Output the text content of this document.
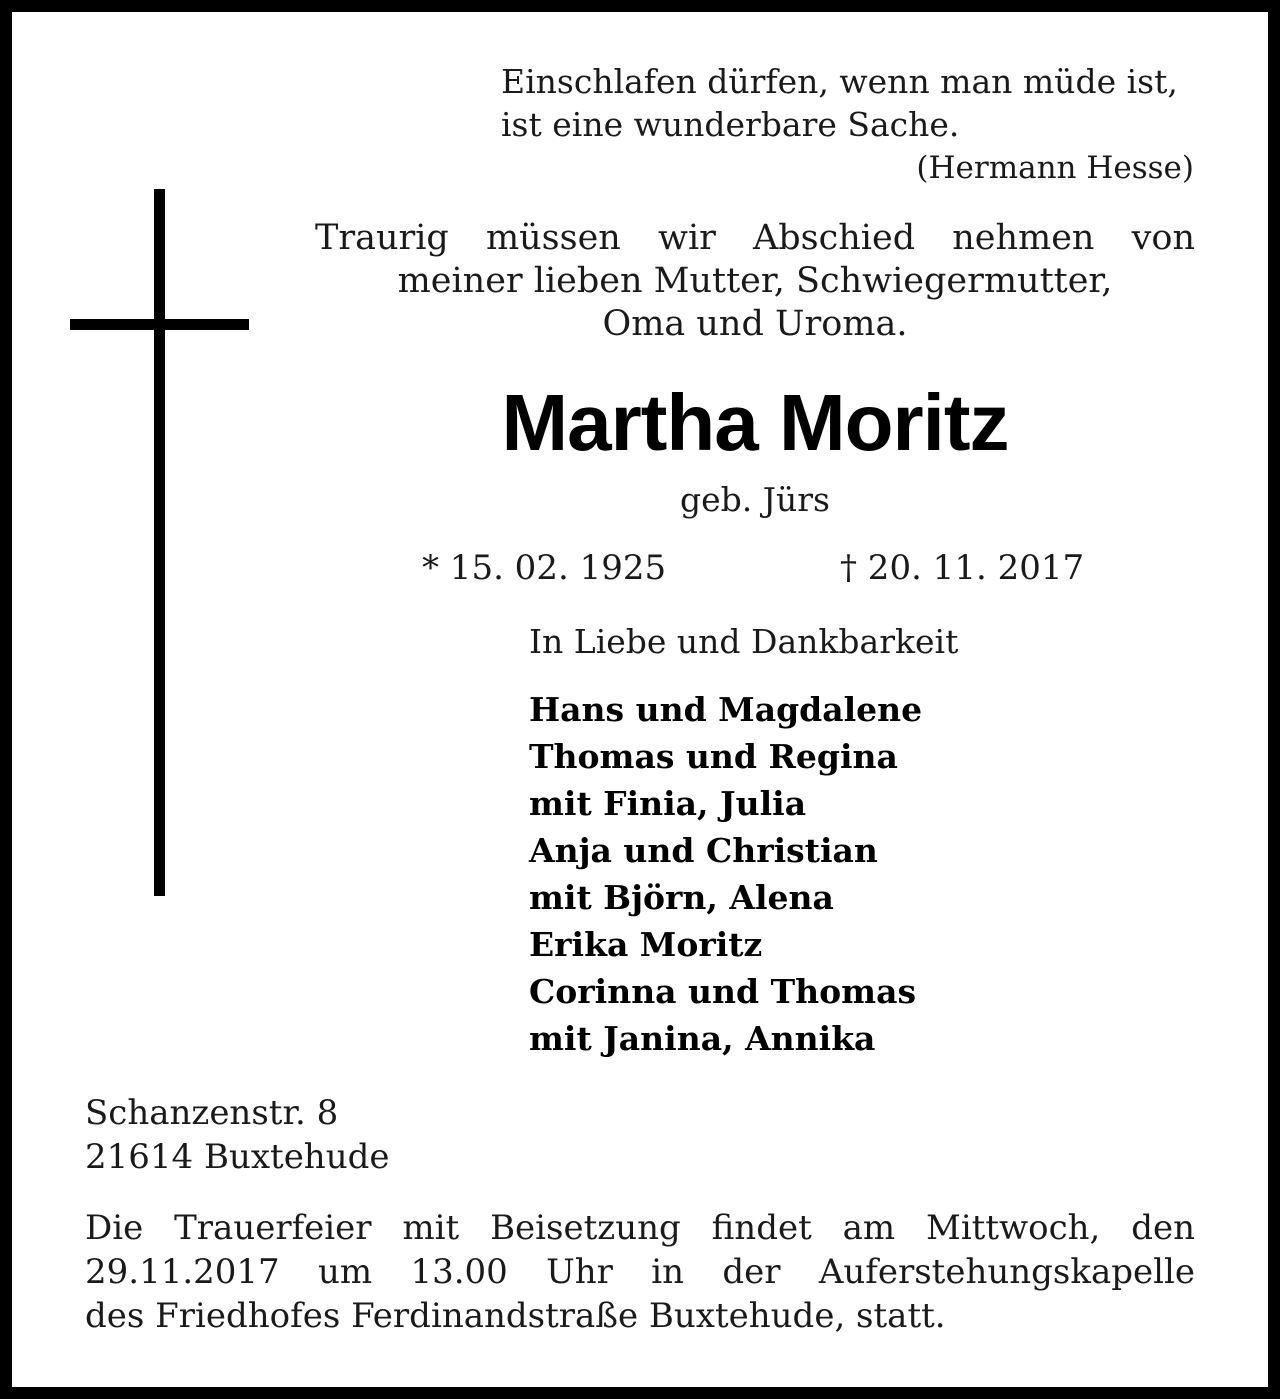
Einschlafen dürfen, wenn man müde ist,
ist eine wunderbare Sache.
(Hermann Hesse)
Traurig müssen wir Abschied nehmen von
meiner lieben Mutter, Schwiegermutter,
Oma und Uroma.
Martha Moritz
geb. Jürs
* 15. 02. 1925	† 20. 11. 2017
In Liebe und Dankbarkeit
Hans und Magdalene
Thomas und Regina
mit Finia, Julia
Anja und Christian
mit Björn, Alena
Erika Moritz
Corinna und Thomas
mit Janina, Annika
Schanzenstr. 8
21614 Buxtehude
Die Trauerfeier mit Beisetzung findet am Mittwoch, den
29.11.2017 um 13.00 Uhr in der Auferstehungskapelle
des Friedhofes Ferdinandstraße Buxtehude, statt.
